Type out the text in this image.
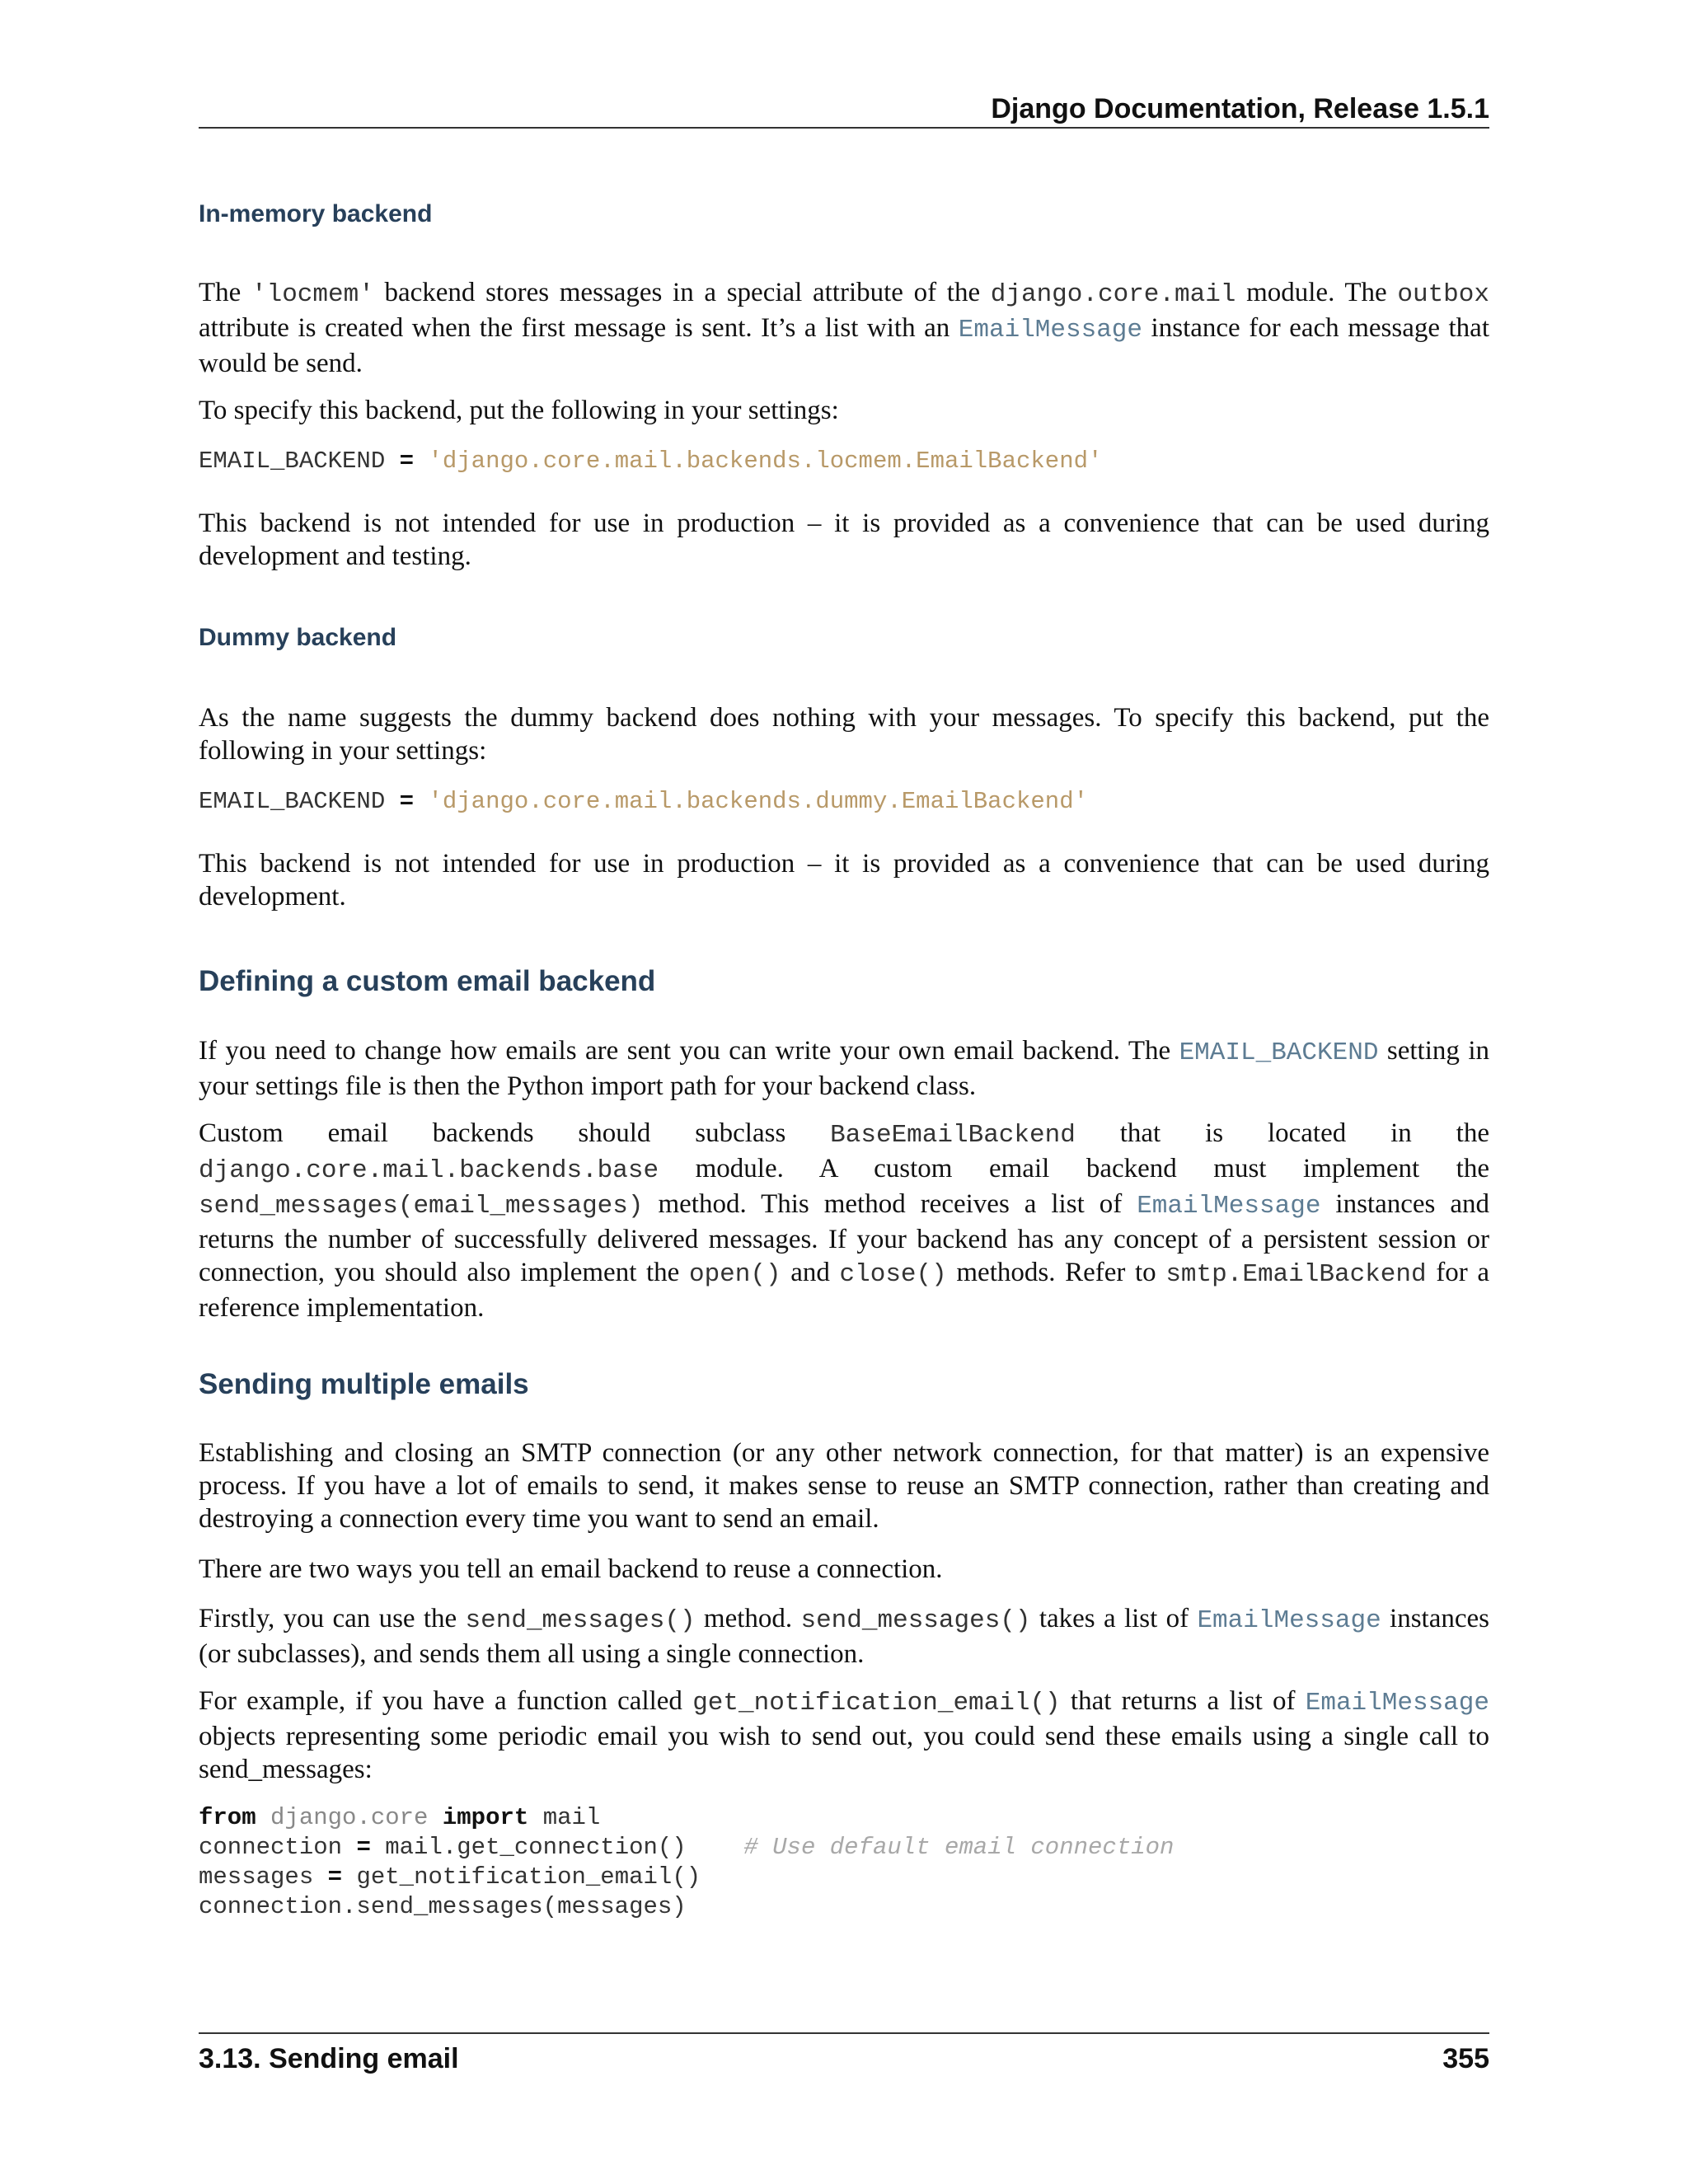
Django Documentation, Release 1.5.1
In-memory backend

The 'locmem' backend stores messages in a special attribute of the django.core.mail module. The outbox attribute is created when the first message is sent. It’s a list with an EmailMessage instance for each message that would be send.

To specify this backend, put the following in your settings:

EMAIL_BACKEND = 'django.core.mail.backends.locmem.EmailBackend'

This backend is not intended for use in production – it is provided as a convenience that can be used during development and testing.

Dummy backend

As the name suggests the dummy backend does nothing with your messages. To specify this backend, put the following in your settings:

EMAIL_BACKEND = 'django.core.mail.backends.dummy.EmailBackend'

This backend is not intended for use in production – it is provided as a convenience that can be used during development.

Defining a custom email backend

If you need to change how emails are sent you can write your own email backend. The EMAIL_BACKEND setting in your settings file is then the Python import path for your backend class.

Custom email backends should subclass BaseEmailBackend that is located in the django.core.mail.backends.base module. A custom email backend must implement the send_messages(email_messages) method. This method receives a list of EmailMessage instances and returns the number of successfully delivered messages. If your backend has any concept of a persistent session or connection, you should also implement the open() and close() methods. Refer to smtp.EmailBackend for a reference implementation.

Sending multiple emails

Establishing and closing an SMTP connection (or any other network connection, for that matter) is an expensive process. If you have a lot of emails to send, it makes sense to reuse an SMTP connection, rather than creating and destroying a connection every time you want to send an email.

There are two ways you tell an email backend to reuse a connection.

Firstly, you can use the send_messages() method. send_messages() takes a list of EmailMessage instances (or subclasses), and sends them all using a single connection.

For example, if you have a function called get_notification_email() that returns a list of EmailMessage objects representing some periodic email you wish to send out, you could send these emails using a single call to send_messages:

from django.core import mail
connection = mail.get_connection() # Use default email connection
messages = get_notification_email()
connection.send_messages(messages)
3.13. Sending email	355
